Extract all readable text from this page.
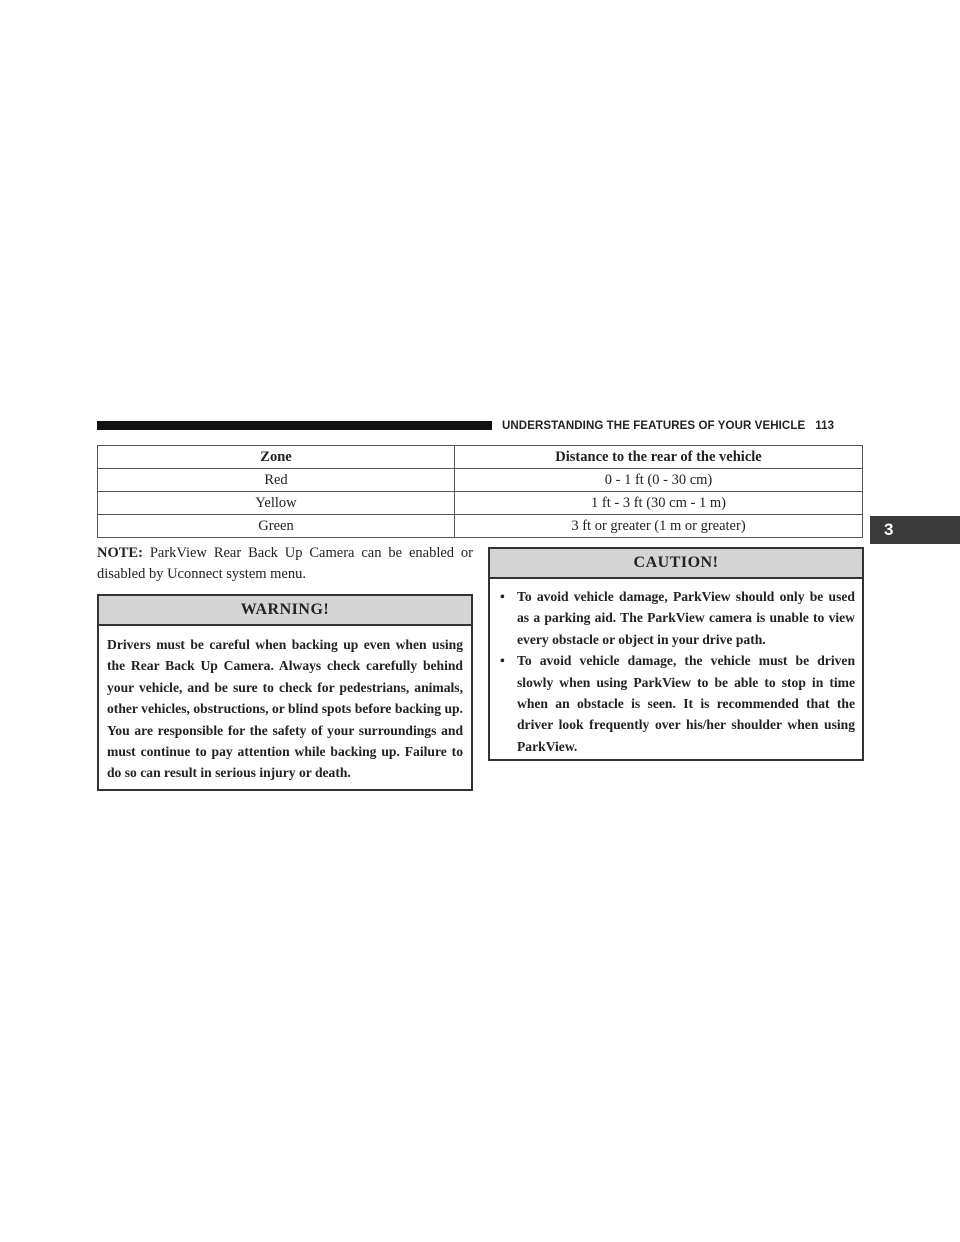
UNDERSTANDING THE FEATURES OF YOUR VEHICLE 113
3
Zone	Distance to the rear of the vehicle
Red	0 - 1 ft (0 - 30 cm)
Yellow	1 ft - 3 ft (30 cm - 1 m)
Green	3 ft or greater (1 m or greater)
NOTE: ParkView Rear Back Up Camera can be enabled or disabled by Uconnect system menu.
WARNING!
Drivers must be careful when backing up even when using the Rear Back Up Camera. Always check carefully behind your vehicle, and be sure to check for pedestrians, animals, other vehicles, obstructions, or blind spots before backing up. You are responsible for the safety of your surroundings and must continue to pay attention while backing up. Failure to do so can result in serious injury or death.
CAUTION!
• To avoid vehicle damage, ParkView should only be used as a parking aid. The ParkView camera is unable to view every obstacle or object in your drive path.
• To avoid vehicle damage, the vehicle must be driven slowly when using ParkView to be able to stop in time when an obstacle is seen. It is recommended that the driver look frequently over his/her shoulder when using ParkView.
